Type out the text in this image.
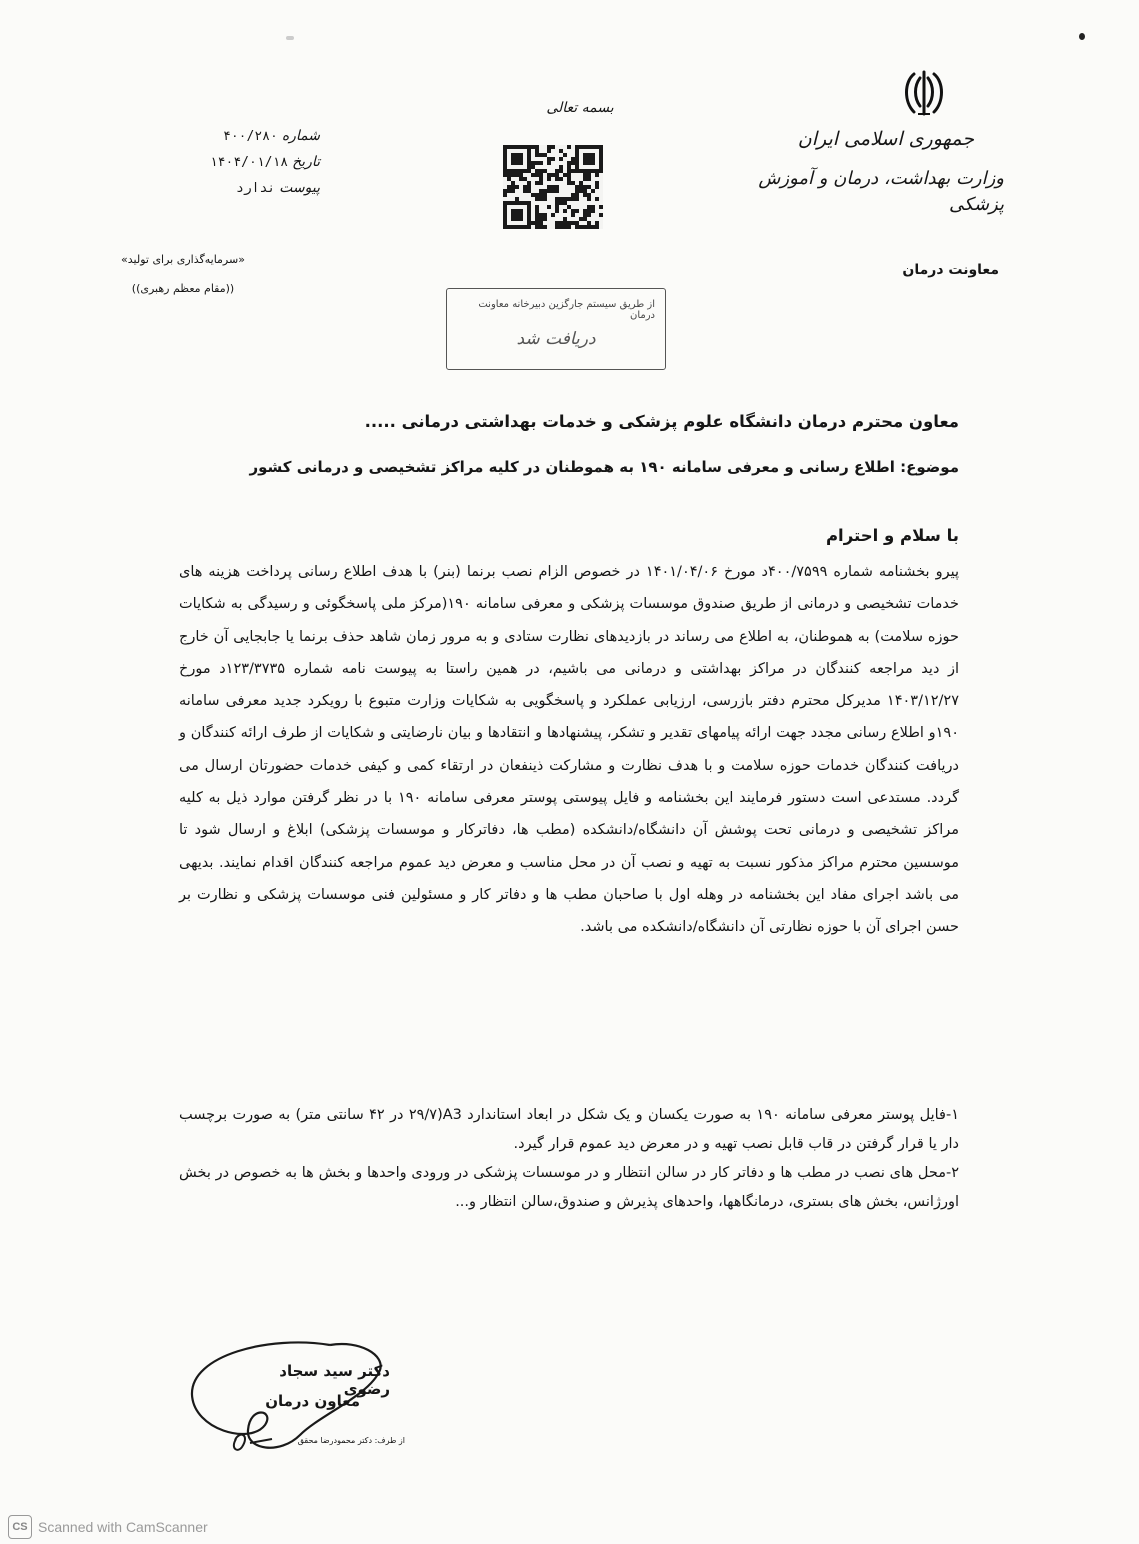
جمهوری اسلامی ایران
وزارت بهداشت، درمان و آموزش پزشکی
معاونت درمان
بسمه تعالی
شماره
۴۰۰/۲۸۰
تاریخ
۱۴۰۴/۰۱/۱۸
پیوست
ندارد
«سرمایه‌گذاری برای تولید»
((مقام معظم رهبری))
از طریق سیستم جارگزین دبیرخانه معاونت درمان
دریافت شد
معاون محترم درمان دانشگاه علوم پزشکی و خدمات بهداشتی درمانی .....
موضوع: اطلاع رسانی و معرفی سامانه ۱۹۰ به هموطنان در کلیه مراکز تشخیصی و درمانی کشور
با سلام و احترام
پیرو بخشنامه شماره ۴۰۰/۷۵۹۹د مورخ ۱۴۰۱/۰۴/۰۶ در خصوص الزام نصب برنما (بنر) با هدف اطلاع رسانی پرداخت هزینه های خدمات تشخیصی و درمانی از طریق صندوق موسسات پزشکی و معرفی سامانه ۱۹۰(مرکز ملی پاسخگوئی و رسیدگی به شکایات حوزه سلامت) به هموطنان، به اطلاع می رساند در بازدیدهای نظارت ستادی و به مرور زمان شاهد حذف برنما یا جابجایی آن خارج از دید مراجعه کنندگان در مراکز بهداشتی و درمانی می باشیم، در همین راستا به پیوست نامه شماره ۱۲۳/۳۷۳۵د مورخ ۱۴۰۳/۱۲/۲۷ مدیرکل محترم دفتر بازرسی، ارزیابی عملکرد و پاسخگویی به شکایات وزارت متبوع با رویکرد جدید معرفی سامانه ۱۹۰و اطلاع رسانی مجدد جهت ارائه پیامهای تقدیر و تشکر، پیشنهادها و انتقادها و بیان نارضایتی و شکایات از طرف ارائه کنندگان و دریافت کنندگان خدمات حوزه سلامت و با هدف نظارت و مشارکت ذینفعان در ارتقاء کمی و کیفی خدمات حضورتان ارسال می گردد. مستدعی است دستور فرمایند این بخشنامه و فایل پیوستی پوستر معرفی سامانه ۱۹۰ با در نظر گرفتن موارد ذیل به کلیه مراکز تشخیصی و درمانی تحت پوشش آن دانشگاه/دانشکده (مطب ها، دفاترکار و موسسات پزشکی) ابلاغ و ارسال شود تا موسسین محترم مراکز مذکور نسبت به تهیه و نصب آن در محل مناسب و معرض دید عموم مراجعه کنندگان اقدام نمایند. بدیهی می باشد اجرای مفاد این بخشنامه در وهله اول با صاحبان مطب ها و دفاتر کار و مسئولین فنی موسسات پزشکی و نظارت بر حسن اجرای آن با حوزه نظارتی آن دانشگاه/دانشکده می باشد.

۱-فایل پوستر معرفی سامانه ۱۹۰ به صورت یکسان و یک شکل در ابعاد استاندارد A3(۲۹/۷ در ۴۲ سانتی متر) به صورت برچسب دار یا قرار گرفتن در قاب قابل نصب تهیه و در معرض دید عموم قرار گیرد.

۲-محل های نصب در مطب ها و دفاتر کار در سالن انتظار و در موسسات پزشکی در ورودی واحدها و بخش ها به خصوص در بخش اورژانس، بخش های بستری، درمانگاهها، واحدهای پذیرش و صندوق،سالن انتظار و...

دکتر سید سجاد رضوی
معاون درمان
از طرف: دکتر محمودرضا محقق
CS Scanned with CamScanner
